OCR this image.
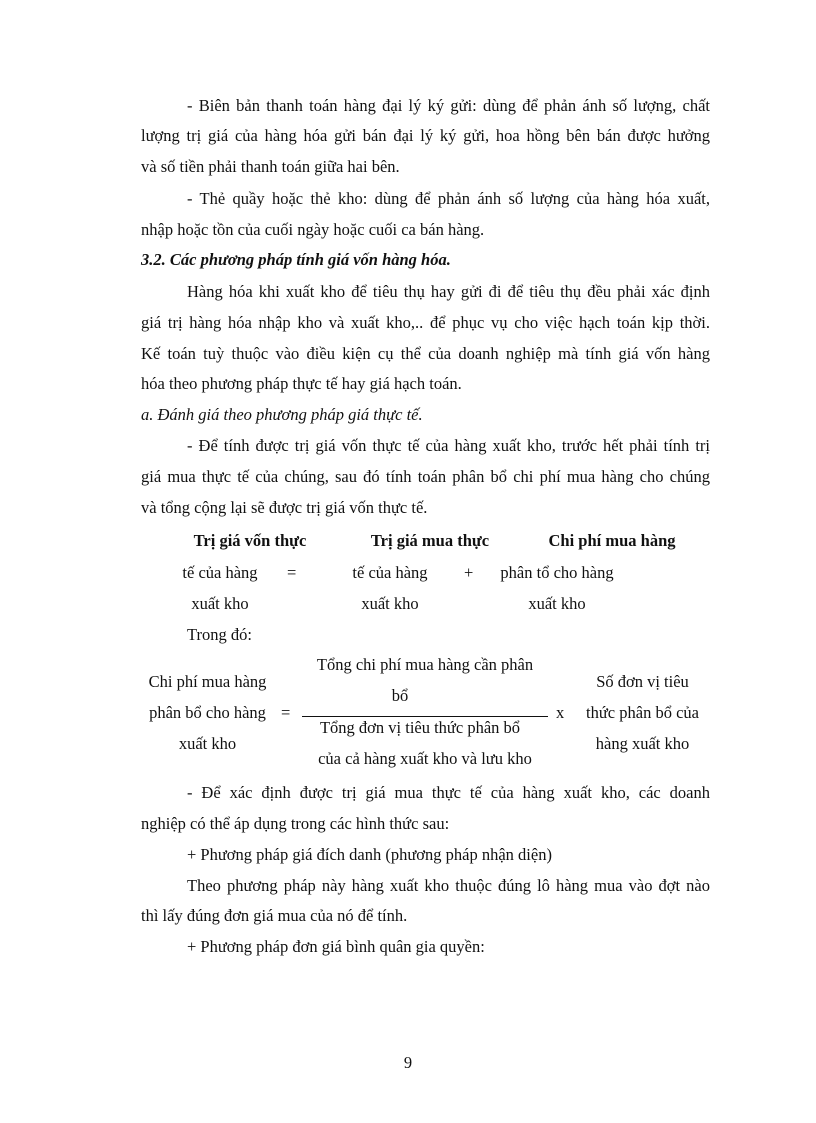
- Biên bản thanh toán hàng đại lý ký gửi: dùng để phản ánh số lượng, chất
lượng trị giá của hàng hóa gửi bán đại lý ký gửi, hoa hồng bên bán được hưởng
và số tiền phải thanh toán giữa hai bên.
- Thẻ quầy hoặc thẻ kho: dùng để phản ánh số lượng của hàng hóa xuất,
nhập hoặc tồn của cuối ngày hoặc cuối ca bán hàng.
3.2. Các phương pháp tính giá vốn hàng hóa.
Hàng hóa khi xuất kho để tiêu thụ hay gửi đi để tiêu thụ đều phải xác định
giá trị hàng hóa nhập kho và xuất kho,.. để phục vụ cho việc hạch toán kịp thời.
Kế toán tuỳ thuộc vào điều kiện cụ thể của doanh nghiệp mà tính giá vốn hàng
hóa theo phương pháp thực tế hay giá hạch toán.
a. Đánh giá theo phương pháp giá thực tế.
- Để tính được trị giá vốn thực tế của hàng xuất kho, trước hết phải tính trị
giá mua thực tế của chúng, sau đó tính toán phân bổ chi phí mua hàng cho chúng
và tổng cộng lại sẽ được trị giá vốn thực tế.
Trị giá vốn thực
tế của hàng
xuất kho
=
Trị giá mua thực
tế của hàng
xuất kho
+
Chi phí mua hàng
phân tổ cho hàng
xuất kho
Trong đó:
Chi phí mua hàng
phân bổ cho hàng
xuất kho
=
Tổng chi phí mua hàng cần phân
bổ
Tổng đơn vị tiêu thức phân bổ
của cả hàng xuất kho và lưu kho
x
Số đơn vị tiêu
thức phân bổ của
hàng xuất kho
- Để xác định được trị giá mua thực tế của hàng xuất kho, các doanh
nghiệp có thể áp dụng trong các hình thức sau:
+ Phương pháp giá đích danh (phương pháp nhận diện)
Theo phương pháp này hàng xuất kho thuộc đúng lô hàng mua vào đợt nào
thì lấy đúng đơn giá mua của nó để tính.
+ Phương pháp đơn giá bình quân gia quyền:
9
